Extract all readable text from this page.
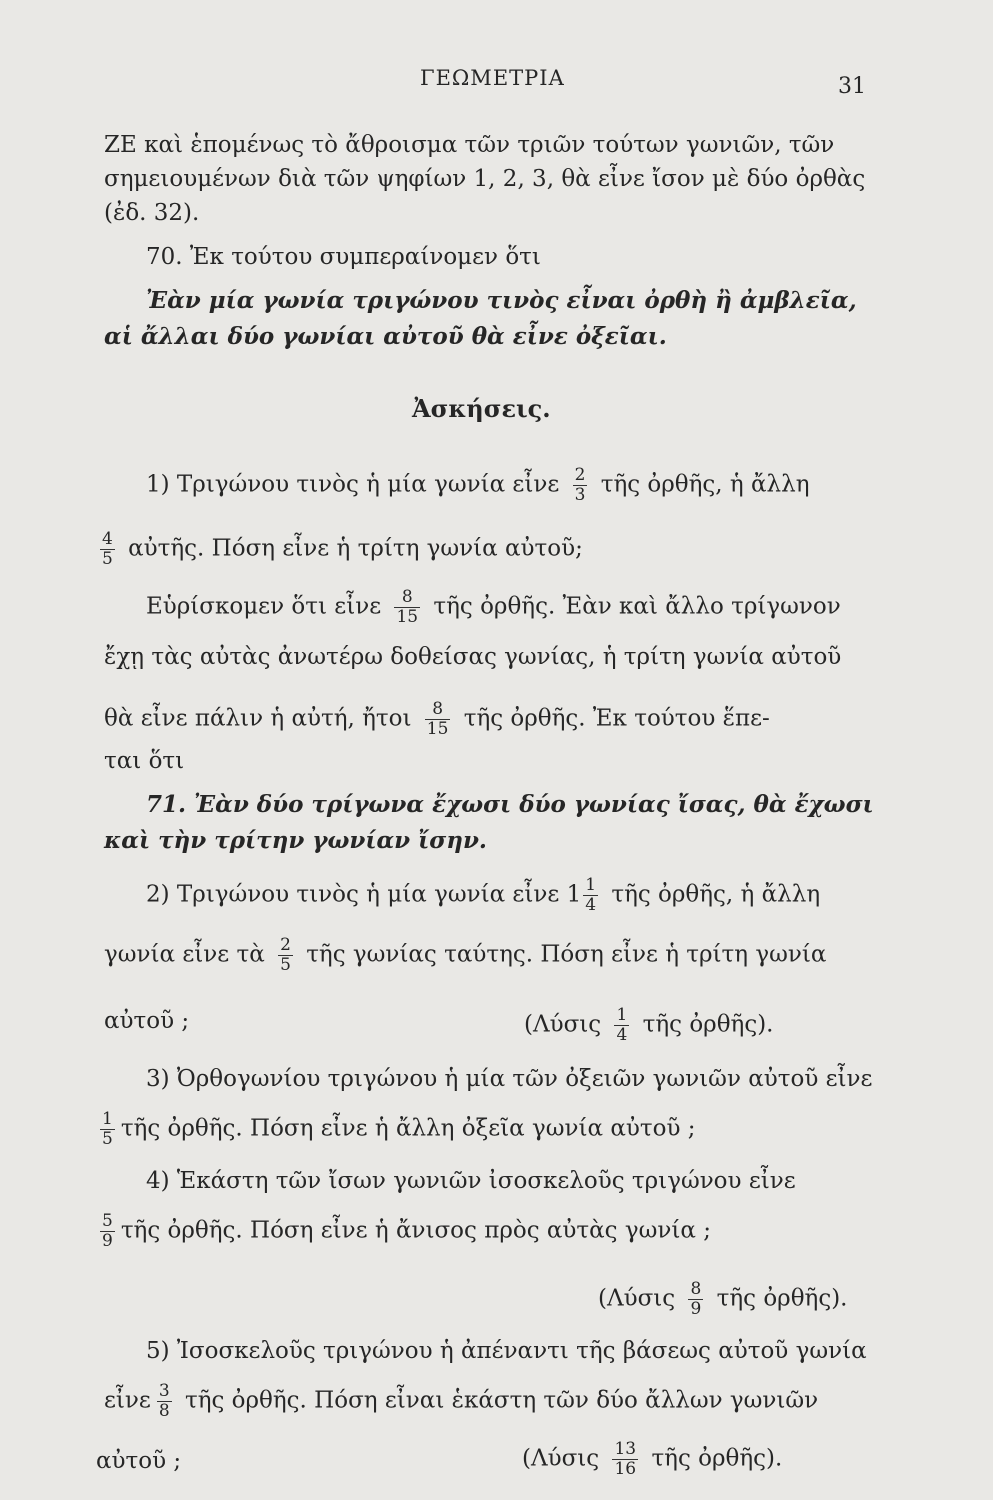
ΓΕΩΜΕΤΡΙΑ	31
ΖΕ καὶ ἑπομένως τὸ ἄθροισμα τῶν τριῶν τούτων γωνιῶν, τῶν
σημειουμένων διὰ τῶν ψηφίων 1, 2, 3, θὰ εἶνε ἴσον μὲ δύο ὀρθὰς
(ἐδ. 32).
70. Ἐκ τούτου συμπεραίνομεν ὅτι
Ἐὰν μία γωνία τριγώνου τινὸς εἶναι ὀρθὴ ἢ ἀμβλεῖα,
αἱ ἄλλαι δύο γωνίαι αὐτοῦ θὰ εἶνε ὀξεῖαι.
Ἀσκήσεις.
1) Τριγώνου τινὸς ἡ μία γωνία εἶνε $\frac{2}{3}$ τῆς ὀρθῆς, ἡ ἄλλη
$\frac{4}{5}$ αὐτῆς. Πόση εἶνε ἡ τρίτη γωνία αὐτοῦ;
Εὑρίσκομεν ὅτι εἶνε $\frac{8}{15}$ τῆς ὀρθῆς. Ἐὰν καὶ ἄλλο τρίγωνον
ἔχῃ τὰς αὐτὰς ἀνωτέρω δοθείσας γωνίας, ἡ τρίτη γωνία αὐτοῦ
θὰ εἶνε πάλιν ἡ αὐτή, ἤτοι $\frac{8}{15}$ τῆς ὀρθῆς. Ἐκ τούτου ἕπε-
ται ὅτι
71. Ἐὰν δύο τρίγωνα ἔχωσι δύο γωνίας ἴσας, θὰ ἔχωσι
καὶ τὴν τρίτην γωνίαν ἴσην.
2) Τριγώνου τινὸς ἡ μία γωνία εἶνε $1 \frac{1}{4}$ τῆς ὀρθῆς, ἡ ἄλλη
γωνία εἶνε τὰ $\frac{2}{5}$ τῆς γωνίας ταύτης. Πόση εἶνε ἡ τρίτη γωνία
αὐτοῦ ;	($\Lambda ύ\sigma\iota\varsigma \frac{1}{4}$ τῆς ὀρθῆς).
3) Ὀρθογωνίου τριγώνου ἡ μία τῶν ὀξειῶν γωνιῶν αὐτοῦ εἶνε
$\frac{1}{5}$ τῆς ὀρθῆς. Πόση εἶνε ἡ ἄλλη ὀξεῖα γωνία αὐτοῦ ;
4) Ἑκάστη τῶν ἴσων γωνιῶν ἰσοσκελοῦς τριγώνου εἶνε
$\frac{5}{9}$ τῆς ὀρθῆς. Πόση εἶνε ἡ ἄνισος πρὸς αὐτὰς γωνία ;
($\Lambda ύ\sigma\iota\varsigma \frac{8}{9}$ τῆς ὀρθῆς).
5) Ἰσοσκελοῦς τριγώνου ἡ ἀπέναντι τῆς βάσεως αὐτοῦ γωνία
εἶνε $\frac{3}{8}$ τῆς ὀρθῆς. Πόση εἶναι ἑκάστη τῶν δύο ἄλλων γωνιῶν
αὐτοῦ ;	($\Lambda ύ\sigma\iota\varsigma \frac{13}{16}$ τῆς ὀρθῆς).
